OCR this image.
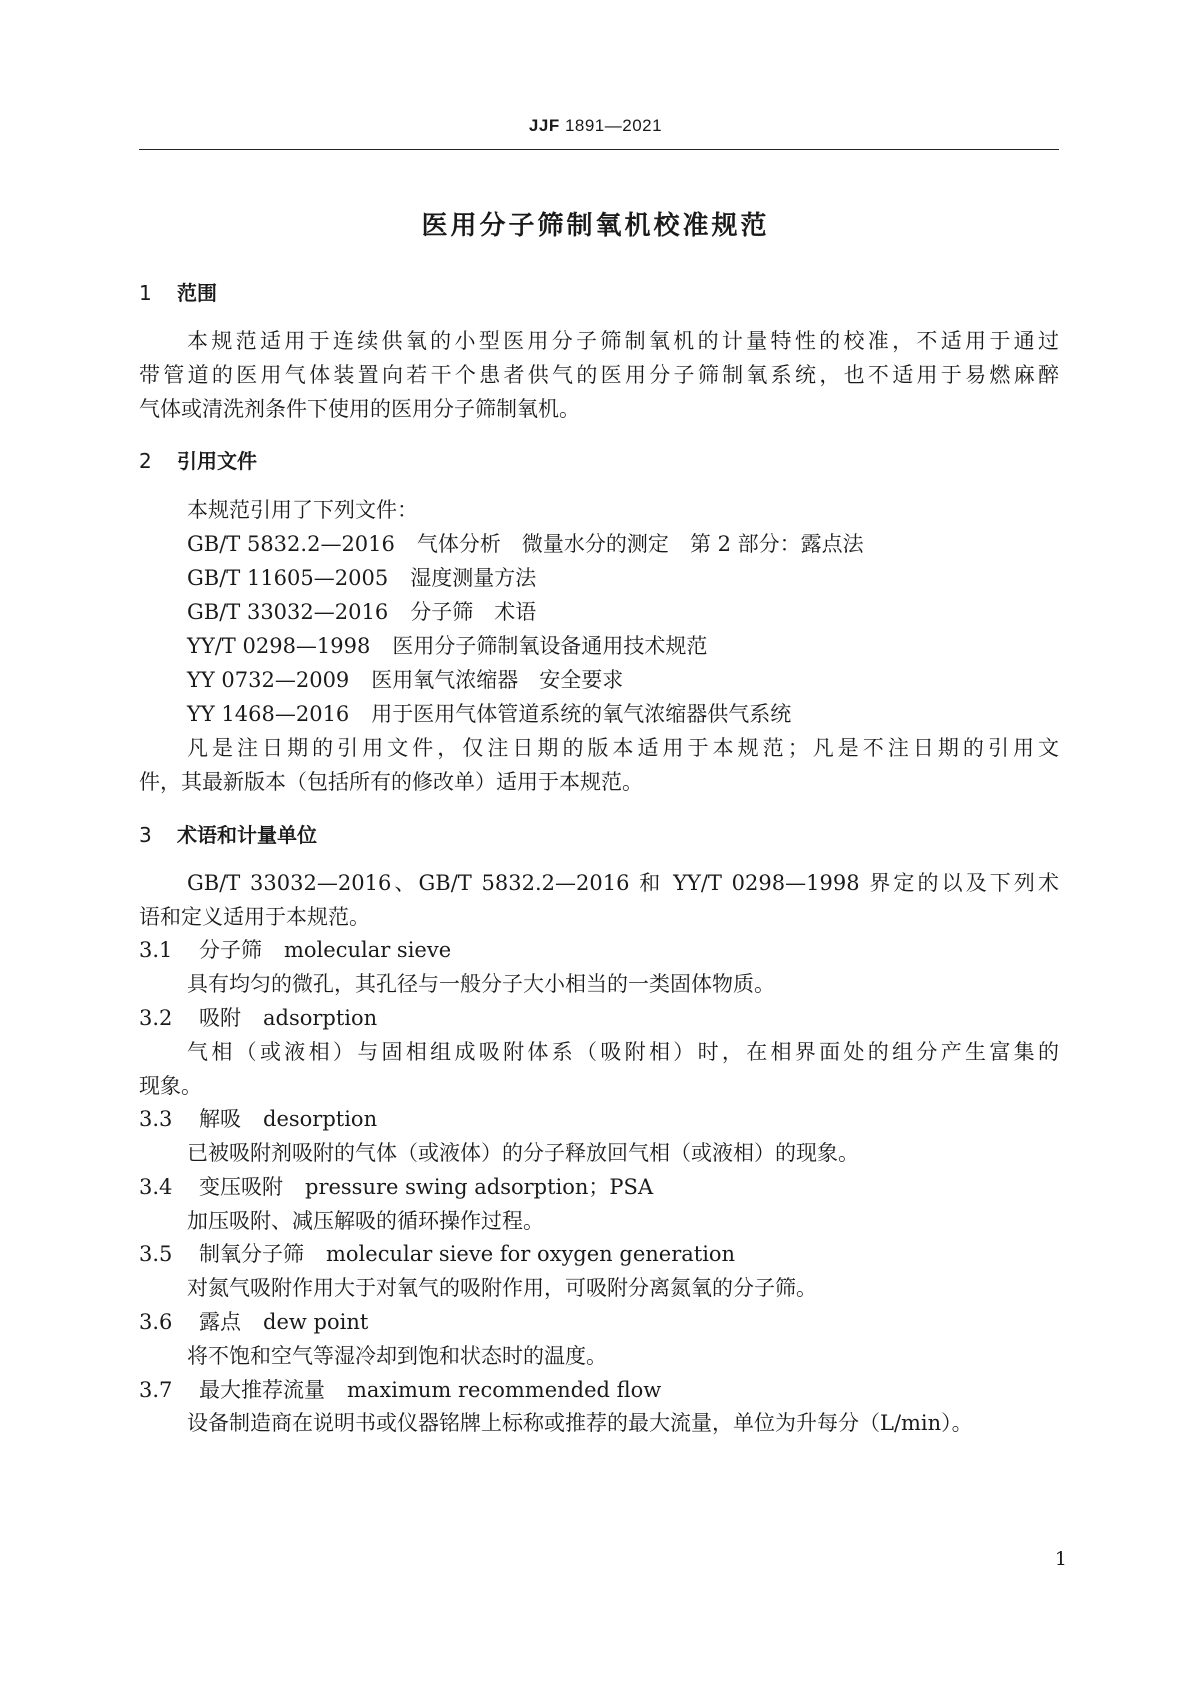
JJF 1891—2021
医用分子筛制氧机校准规范
1 范围
本规范适用于连续供氧的小型医用分子筛制氧机的计量特性的校准，不适用于通过
带管道的医用气体装置向若干个患者供气的医用分子筛制氧系统，也不适用于易燃麻醉
气体或清洗剂条件下使用的医用分子筛制氧机。
2 引用文件
本规范引用了下列文件：
GB/T 5832.2—2016 气体分析　微量水分的测定　第 2 部分：露点法
GB/T 11605—2005 湿度测量方法
GB/T 33032—2016 分子筛　术语
YY/T 0298—1998 医用分子筛制氧设备通用技术规范
YY 0732—2009 医用氧气浓缩器　安全要求
YY 1468—2016 用于医用气体管道系统的氧气浓缩器供气系统
凡是注日期的引用文件，仅注日期的版本适用于本规范；凡是不注日期的引用文
件，其最新版本（包括所有的修改单）适用于本规范。
3 术语和计量单位
GB/T 33032—2016、GB/T 5832.2—2016 和 YY/T 0298—1998 界定的以及下列术
语和定义适用于本规范。
3.1 分子筛 molecular sieve
具有均匀的微孔，其孔径与一般分子大小相当的一类固体物质。
3.2 吸附 adsorption
气相（或液相）与固相组成吸附体系（吸附相）时，在相界面处的组分产生富集的
现象。
3.3 解吸 desorption
已被吸附剂吸附的气体（或液体）的分子释放回气相（或液相）的现象。
3.4 变压吸附 pressure swing adsorption；PSA
加压吸附、减压解吸的循环操作过程。
3.5 制氧分子筛 molecular sieve for oxygen generation
对氮气吸附作用大于对氧气的吸附作用，可吸附分离氮氧的分子筛。
3.6 露点 dew point
将不饱和空气等湿冷却到饱和状态时的温度。
3.7 最大推荐流量 maximum recommended flow
设备制造商在说明书或仪器铭牌上标称或推荐的最大流量，单位为升每分（L/min）。
1
